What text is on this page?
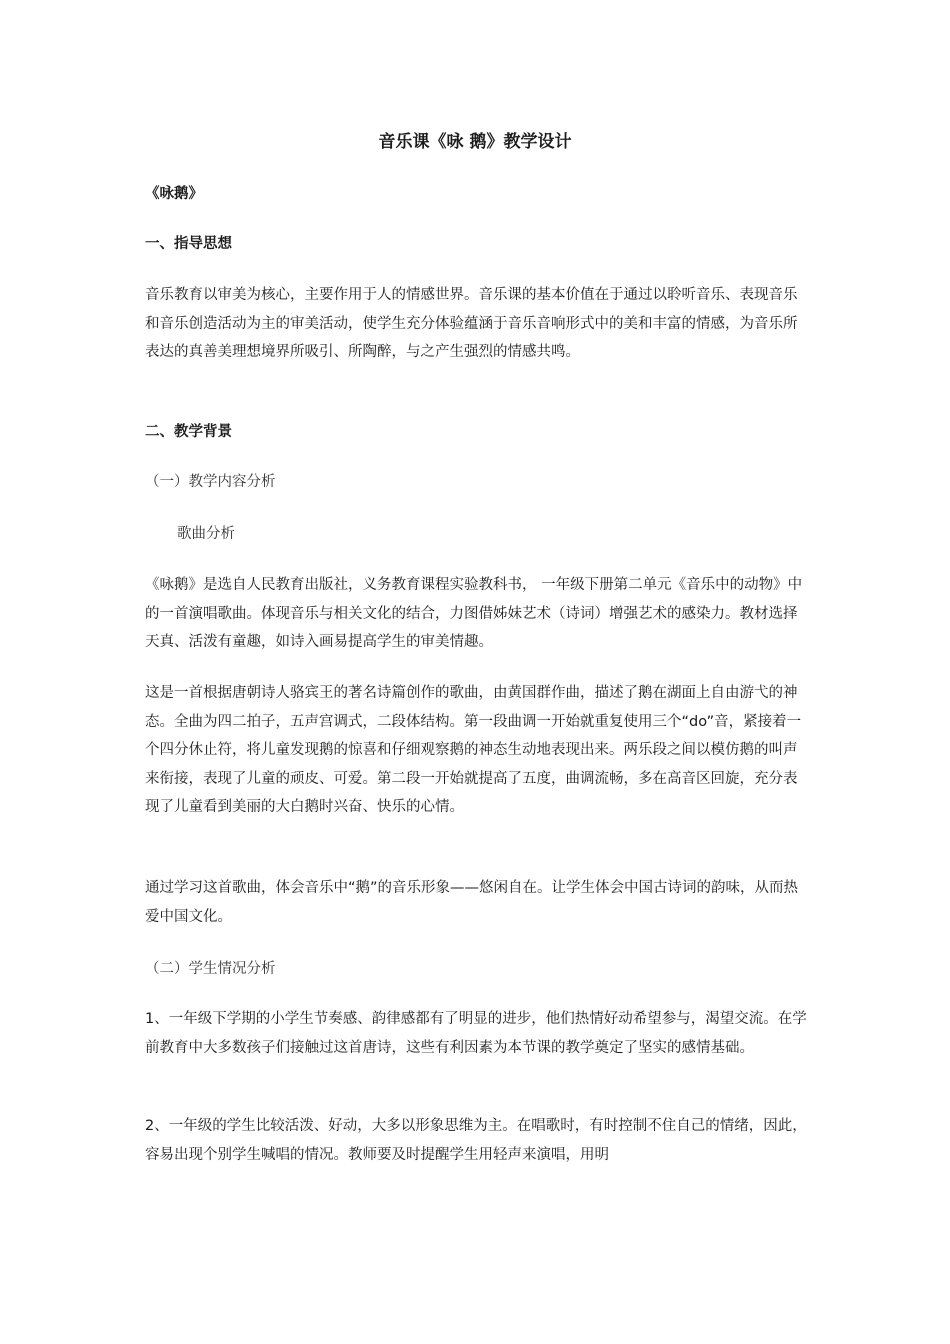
音乐课《咏 鹅》教学设计

《咏鹅》

一、指导思想

音乐教育以审美为核心，主要作用于人的情感世界。音乐课的基本价值在于通过以聆听音乐、表现音乐和音乐创造活动为主的审美活动，使学生充分体验蕴涵于音乐音响形式中的美和丰富的情感，为音乐所表达的真善美理想境界所吸引、所陶醉，与之产生强烈的情感共鸣。

二、教学背景

（一）教学内容分析

歌曲分析

《咏鹅》是选自人民教育出版社，义务教育课程实验教科书， 一年级下册第二单元《音乐中的动物》中的一首演唱歌曲。体现音乐与相关文化的结合，力图借姊妹艺术（诗词）增强艺术的感染力。教材选择天真、活泼有童趣，如诗入画易提高学生的审美情趣。

这是一首根据唐朝诗人骆宾王的著名诗篇创作的歌曲，由黄国群作曲，描述了鹅在湖面上自由游弋的神态。全曲为四二拍子，五声宫调式，二段体结构。第一段曲调一开始就重复使用三个“do”音，紧接着一个四分休止符，将儿童发现鹅的惊喜和仔细观察鹅的神态生动地表现出来。两乐段之间以模仿鹅的叫声来衔接，表现了儿童的顽皮、可爱。第二段一开始就提高了五度，曲调流畅，多在高音区回旋，充分表现了儿童看到美丽的大白鹅时兴奋、快乐的心情。

通过学习这首歌曲，体会音乐中“鹅”的音乐形象——悠闲自在。让学生体会中国古诗词的韵味，从而热爱中国文化。

（二）学生情况分析

1、一年级下学期的小学生节奏感、韵律感都有了明显的进步，他们热情好动希望参与，渴望交流。在学前教育中大多数孩子们接触过这首唐诗，这些有利因素为本节课的教学奠定了坚实的感情基础。

2、一年级的学生比较活泼、好动，大多以形象思维为主。在唱歌时，有时控制不住自己的情绪，因此，容易出现个别学生喊唱的情况。教师要及时提醒学生用轻声来演唱，用明
